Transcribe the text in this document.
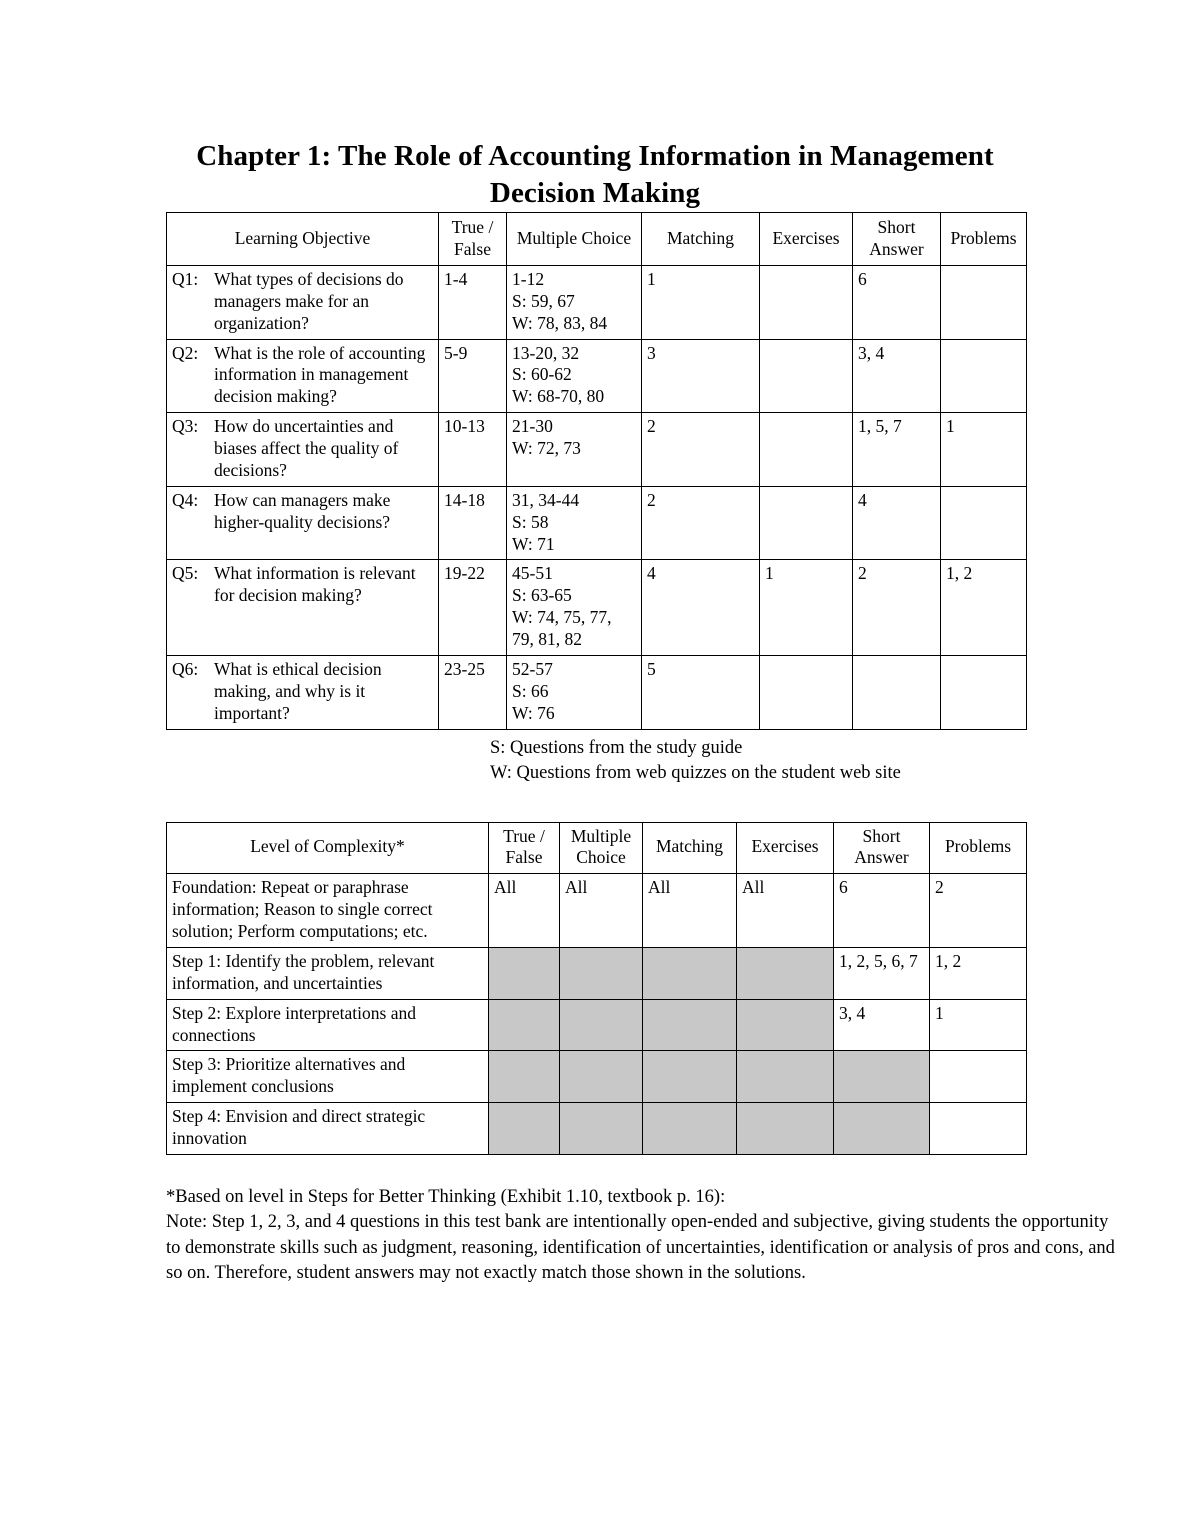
Chapter 1: The Role of Accounting Information in Management Decision Making
Learning Objective	True /
False	Multiple Choice	Matching	Exercises	Short
Answer	Problems

Q1: What types of decisions do managers make for an organization?	1-4	1-12
S: 59, 67
W: 78, 83, 84	1		6	

Q2: What is the role of accounting information in management decision making?	5-9	13-20, 32
S: 60-62
W: 68-70, 80	3		3, 4	

Q3: How do uncertainties and biases affect the quality of decisions?	10-13	21-30
W: 72, 73	2		1, 5, 7	1

Q4: How can managers make higher-quality decisions?	14-18	31, 34-44
S: 58
W: 71	2		4	

Q5: What information is relevant for decision making?	19-22	45-51
S: 63-65
W: 74, 75, 77,
79, 81, 82	4	1	2	1, 2

Q6: What is ethical decision making, and why is it important?	23-25	52-57
S: 66
W: 76	5			
S: Questions from the study guide
W: Questions from web quizzes on the student web site
Level of Complexity*	True /
False	Multiple
Choice	Matching	Exercises	Short
Answer	Problems
Foundation: Repeat or paraphrase information; Reason to single correct solution; Perform computations; etc.	All	All	All	All	6	2
Step 1: Identify the problem, relevant information, and uncertainties					1, 2, 5, 6, 7	1, 2
Step 2: Explore interpretations and connections					3, 4	1
Step 3: Prioritize alternatives and implement conclusions						
Step 4: Envision and direct strategic innovation						

*Based on level in Steps for Better Thinking (Exhibit 1.10, textbook p. 16):

Note: Step 1, 2, 3, and 4 questions in this test bank are intentionally open-ended and subjective, giving students the opportunity to demonstrate skills such as judgment, reasoning, identification of uncertainties, identification or analysis of pros and cons, and so on. Therefore, student answers may not exactly match those shown in the solutions.
